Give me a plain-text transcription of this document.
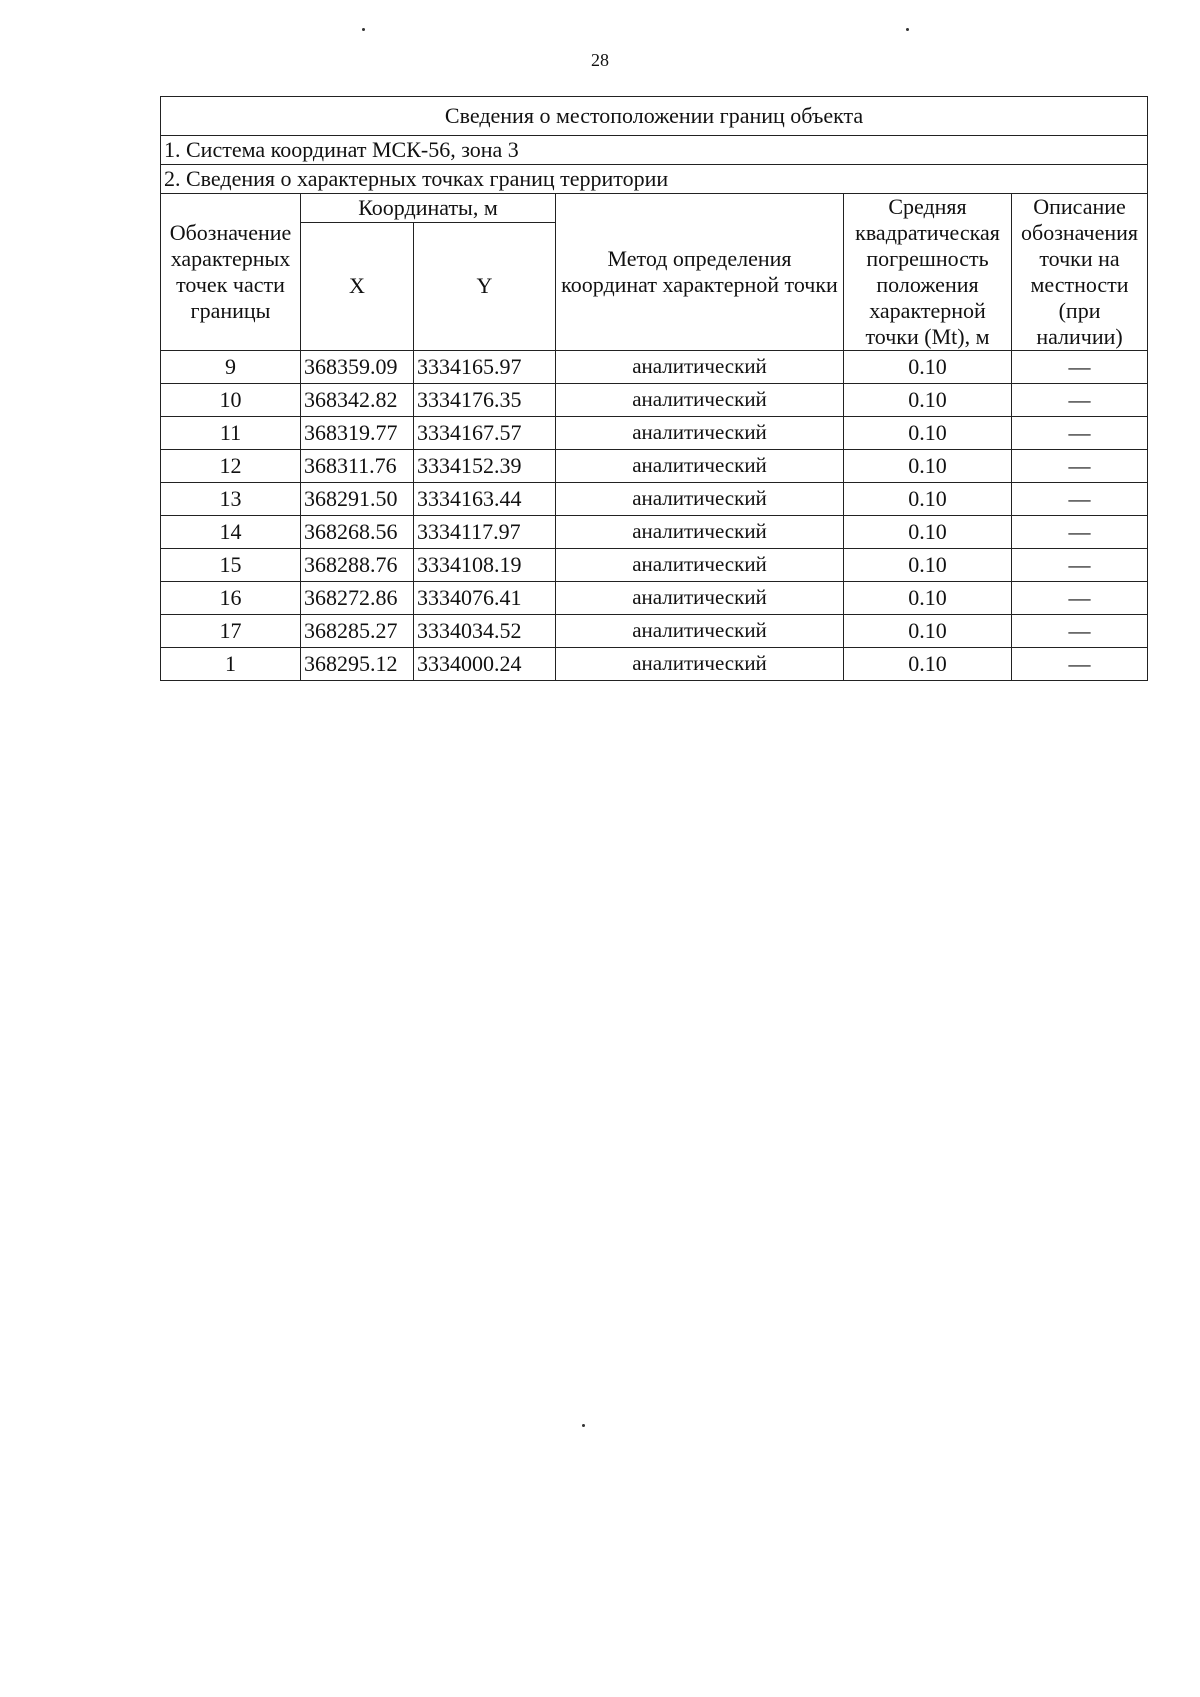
28
Сведения о местоположении границ объекта					
1. Система координат МСК-56, зона 3					
2. Сведения о характерных точках границ территории					
Обозначение характерных точек части границы	Координаты, м		Метод определения координат характерной точки	Средняя квадратическая погрешность положения характерной точки (Mt), м	Описание обозначения точки на местности (при наличии)
	X	Y			
9	368359.09	3334165.97	аналитический	0.10	—
10	368342.82	3334176.35	аналитический	0.10	—
11	368319.77	3334167.57	аналитический	0.10	—
12	368311.76	3334152.39	аналитический	0.10	—
13	368291.50	3334163.44	аналитический	0.10	—
14	368268.56	3334117.97	аналитический	0.10	—
15	368288.76	3334108.19	аналитический	0.10	—
16	368272.86	3334076.41	аналитический	0.10	—
17	368285.27	3334034.52	аналитический	0.10	—
1	368295.12	3334000.24	аналитический	0.10	—
